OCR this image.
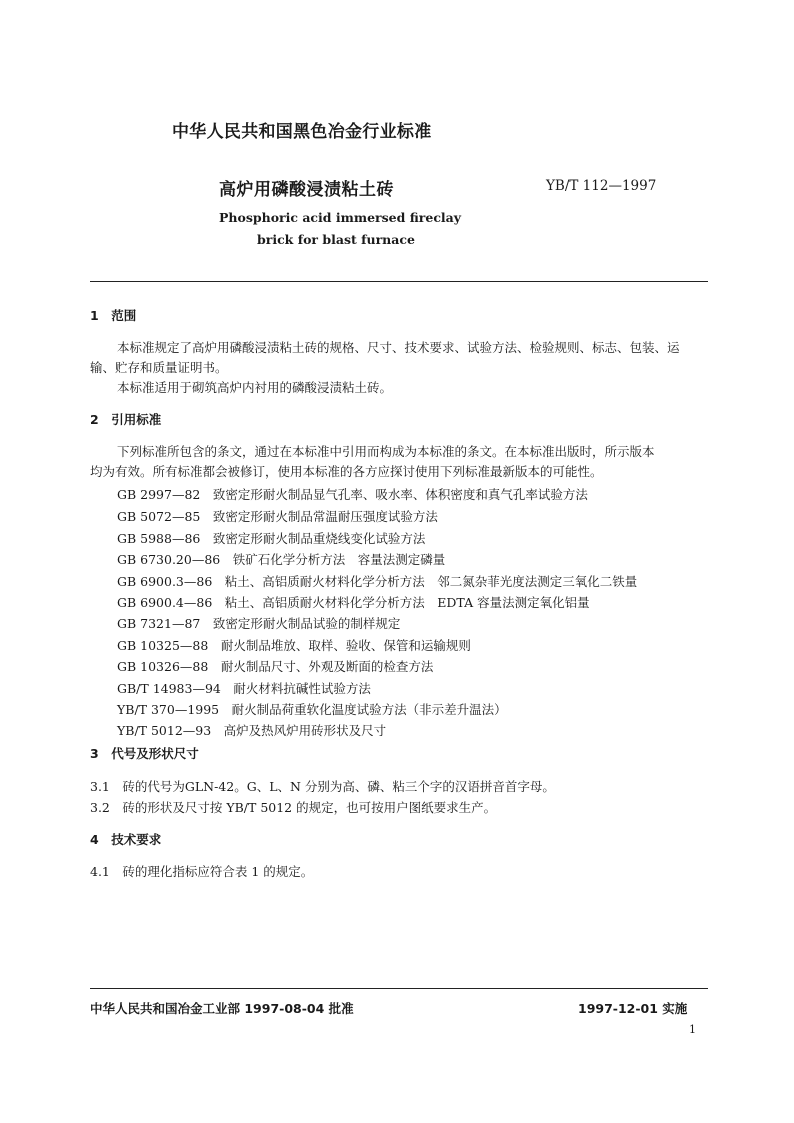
中华人民共和国黑色冶金行业标准
高炉用磷酸浸渍粘土砖	YB/T 112—1997
Phosphoric acid immersed fireclay
brick for blast furnace
1　范围
本标准规定了高炉用磷酸浸渍粘土砖的规格、尺寸、技术要求、试验方法、检验规则、标志、包装、运
输、贮存和质量证明书。
本标准适用于砌筑高炉内衬用的磷酸浸渍粘土砖。
2　引用标准
下列标准所包含的条文，通过在本标准中引用而构成为本标准的条文。在本标准出版时，所示版本
均为有效。所有标准都会被修订，使用本标准的各方应探讨使用下列标准最新版本的可能性。
GB 2997—82　致密定形耐火制品显气孔率、吸水率、体积密度和真气孔率试验方法
GB 5072—85　致密定形耐火制品常温耐压强度试验方法
GB 5988—86　致密定形耐火制品重烧线变化试验方法
GB 6730.20—86　铁矿石化学分析方法　容量法测定磷量
GB 6900.3—86　粘土、高铝质耐火材料化学分析方法　邻二氮杂菲光度法测定三氧化二铁量
GB 6900.4—86　粘土、高铝质耐火材料化学分析方法　EDTA 容量法测定氧化铝量
GB 7321—87　致密定形耐火制品试验的制样规定
GB 10325—88　耐火制品堆放、取样、验收、保管和运输规则
GB 10326—88　耐火制品尺寸、外观及断面的检查方法
GB/T 14983—94　耐火材料抗碱性试验方法
YB/T 370—1995　耐火制品荷重软化温度试验方法（非示差升温法）
YB/T 5012—93　高炉及热风炉用砖形状及尺寸
3　代号及形状尺寸
3.1　砖的代号为GLN-42。G、L、N 分别为高、磷、粘三个字的汉语拼音首字母。
3.2　砖的形状及尺寸按 YB/T 5012 的规定，也可按用户图纸要求生产。
4　技术要求
4.1　砖的理化指标应符合表 1 的规定。
中华人民共和国冶金工业部 1997-08-04 批准	1997-12-01 实施
1
